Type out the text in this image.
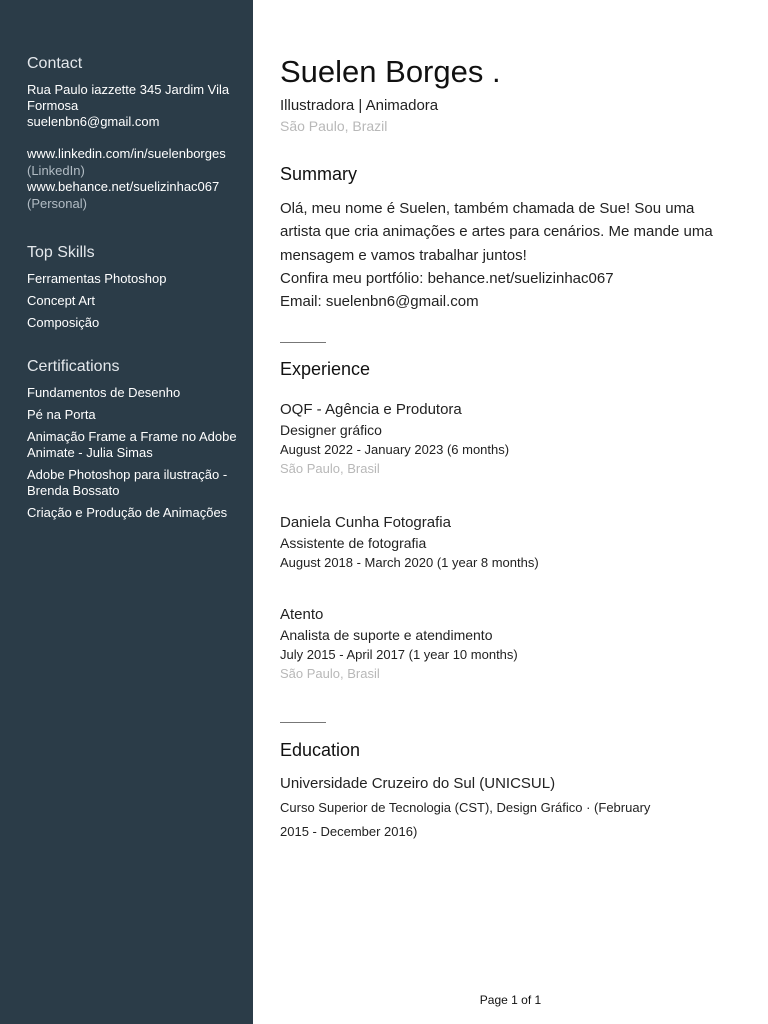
Contact
Rua Paulo iazzette 345 Jardim Vila
Formosa
suelenbn6@gmail.com
www.linkedin.com/in/suelenborges
(LinkedIn)
www.behance.net/suelizinhac067
(Personal)
Top Skills
Ferramentas Photoshop
Concept Art
Composição
Certifications
Fundamentos de Desenho
Pé na Porta
Animação Frame a Frame no Adobe
Animate - Julia Simas
Adobe Photoshop para ilustração -
Brenda Bossato
Criação e Produção de Animações
Suelen Borges .
Illustradora | Animadora
São Paulo, Brazil
Summary
Olá, meu nome é Suelen, também chamada de Sue! Sou uma
artista que cria animações e artes para cenários. Me mande uma
mensagem e vamos trabalhar juntos!
Confira meu portfólio: behance.net/suelizinhac067
Email: suelenbn6@gmail.com
Experience
OQF - Agência e Produtora
Designer gráfico
August 2022 - January 2023 (6 months)
São Paulo, Brasil
Daniela Cunha Fotografia
Assistente de fotografia
August 2018 - March 2020 (1 year 8 months)
Atento
Analista de suporte e atendimento
July 2015 - April 2017 (1 year 10 months)
São Paulo, Brasil
Education
Universidade Cruzeiro do Sul (UNICSUL)
Curso Superior de Tecnologia (CST), Design Gráfico · (February
2015 - December 2016)
Page 1 of 1
